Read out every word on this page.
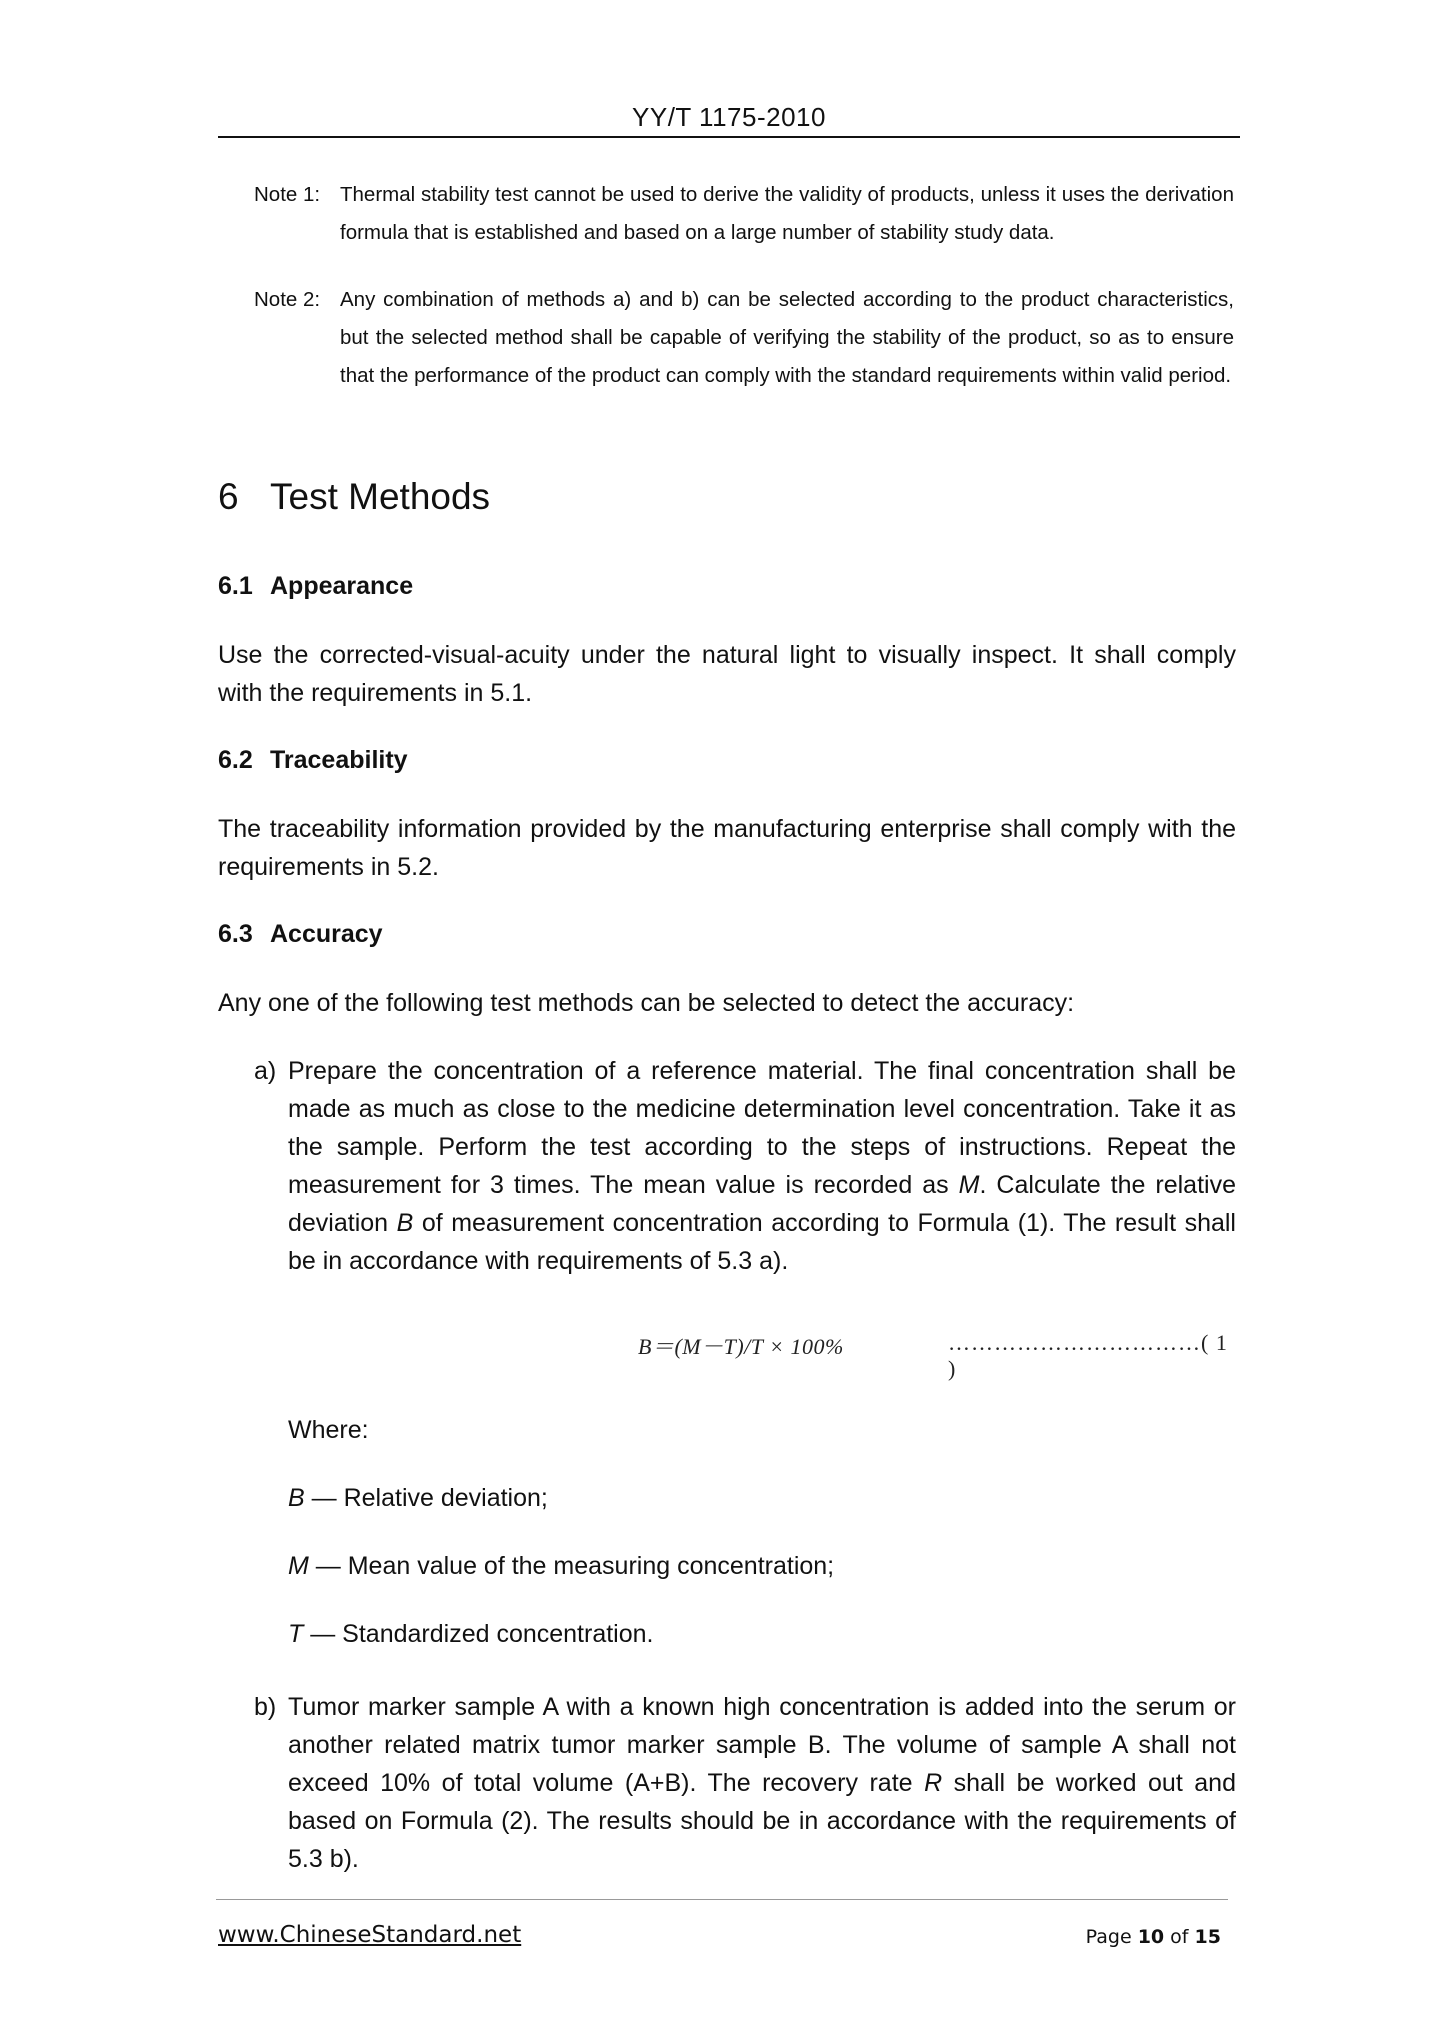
YY/T 1175-2010
Note 1: Thermal stability test cannot be used to derive the validity of products, unless it uses the derivation formula that is established and based on a large number of stability study data.
Note 2: Any combination of methods a) and b) can be selected according to the product characteristics, but the selected method shall be capable of verifying the stability of the product, so as to ensure that the performance of the product can comply with the standard requirements within valid period.
6 Test Methods
6.1 Appearance
Use the corrected-visual-acuity under the natural light to visually inspect. It shall comply with the requirements in 5.1.
6.2 Traceability
The traceability information provided by the manufacturing enterprise shall comply with the requirements in 5.2.
6.3 Accuracy
Any one of the following test methods can be selected to detect the accuracy:
a) Prepare the concentration of a reference material. The final concentration shall be made as much as close to the medicine determination level concentration. Take it as the sample. Perform the test according to the steps of instructions. Repeat the measurement for 3 times. The mean value is recorded as M. Calculate the relative deviation B of measurement concentration according to Formula (1). The result shall be in accordance with requirements of 5.3 a).
B＝(M－T)/T × 100%	……………………………( 1 )
Where:
B — Relative deviation;
M — Mean value of the measuring concentration;
T — Standardized concentration.
b) Tumor marker sample A with a known high concentration is added into the serum or another related matrix tumor marker sample B. The volume of sample A shall not exceed 10% of total volume (A+B). The recovery rate R shall be worked out and based on Formula (2). The results should be in accordance with the requirements of 5.3 b).
www.ChineseStandard.net	Page 10 of 15
